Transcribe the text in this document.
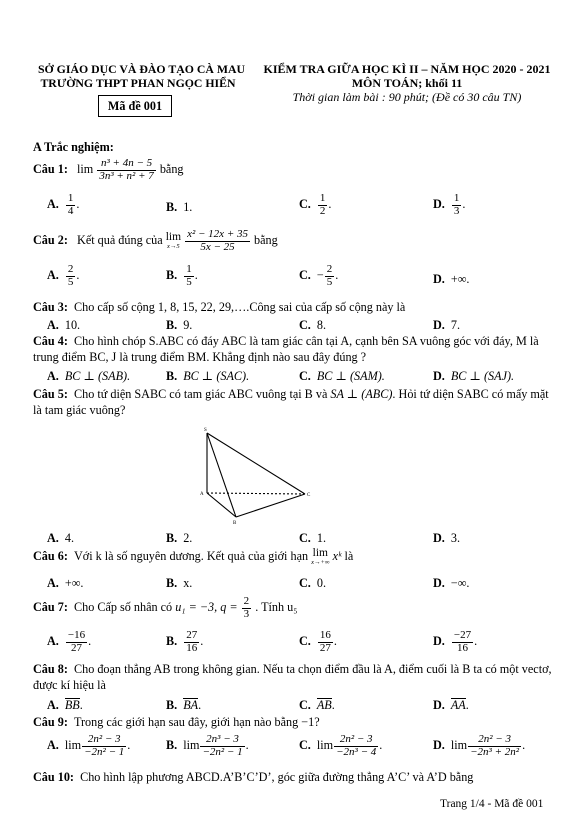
SỞ GIÁO DỤC VÀ ĐÀO TẠO CÀ MAU
TRƯỜNG THPT PHAN NGỌC HIỂN
Mã đề 001
KIỂM TRA GIỮA HỌC KÌ II – NĂM HỌC 2020 - 2021
MÔN TOÁN; khối 11
Thời gian làm bài : 90 phút; (Đề có 30 câu TN)
A Trắc nghiệm:
Câu 1: $\lim \frac{\text{n³ + 4n − 5}}{\text{3n³ + n² + 7}}$ bằng
A. $\frac{1}{4}$ .	B. 1.	C. $\frac{1}{2}$ .	D. $\frac{1}{3}$ .
Câu 2: Kết quả đúng của lim
x→5
$\frac{\text{x² − 12x + 35}}{5x - 25}$ bằng
A. $\frac{2}{5}$ .	B. $\frac{1}{5}$ .	C. − $\frac{2}{5}$ .	D. +∞.
Câu 3: Cho cấp số cộng 1, 8, 15, 22, 29,….Công sai của cấp số cộng này là
A. 10.	B. 9.	C. 8.	D. 7.
Câu 4: Cho hình chóp S.ABC có đáy ABC là tam giác cân tại A, cạnh bên SA vuông góc với đáy, M là trung điểm BC, J là trung điểm BM. Khẳng định nào sau đây đúng ?
A. BC ⊥ (SAB).	B. BC ⊥ (SAC).	C. BC ⊥ (SAM).	D. BC ⊥ (SAJ).
Câu 5: Cho tứ diện SABC có tam giác ABC vuông tại B và SA ⊥ (ABC). Hỏi tứ diện SABC có mấy mặt là tam giác vuông?
S
A
B
C
A. 4.	B. 2.	C. 1.	D. 3.
Câu 6: Với k là số nguyên dương. Kết quả của giới hạn lim
x→+∞ xᵏ là
A. +∞.	B. x.	C. 0.	D. −∞.
Câu 7: Cho Cấp số nhân có u₁ = −3, $q = \frac{2}{3}$ . Tính u₅
A. $\frac{-16}{27}$ .	B. $\frac{27}{16}$ .	C. $\frac{16}{27}$ .	D. $\frac{-27}{16}$ .
Câu 8: Cho đoạn thẳng AB trong không gian. Nếu ta chọn điểm đầu là A, điểm cuối là B ta có một vectơ, được kí hiệu là
A. BB.	B. BA.	C. AB.	D. AA.
Câu 9: Trong các giới hạn sau đây, giới hạn nào bằng −1?
A. $\lim \frac{\text{2n² − 3}}{\text{−2n² − 1}}$ .	B. $\lim \frac{\text{2n³ − 3}}{\text{−2n² − 1}}$ .	C. $\lim \frac{\text{2n² − 3}}{\text{−2n³ − 4}}$ .	D. $\lim \frac{\text{2n² − 3}}{\text{−2n³ + 2n²}}$ .
Câu 10: Cho hình lập phương ABCD.A’B’C’D’, góc giữa đường thẳng A’C’ và A’D bằng
Trang 1/4 - Mã đề 001
